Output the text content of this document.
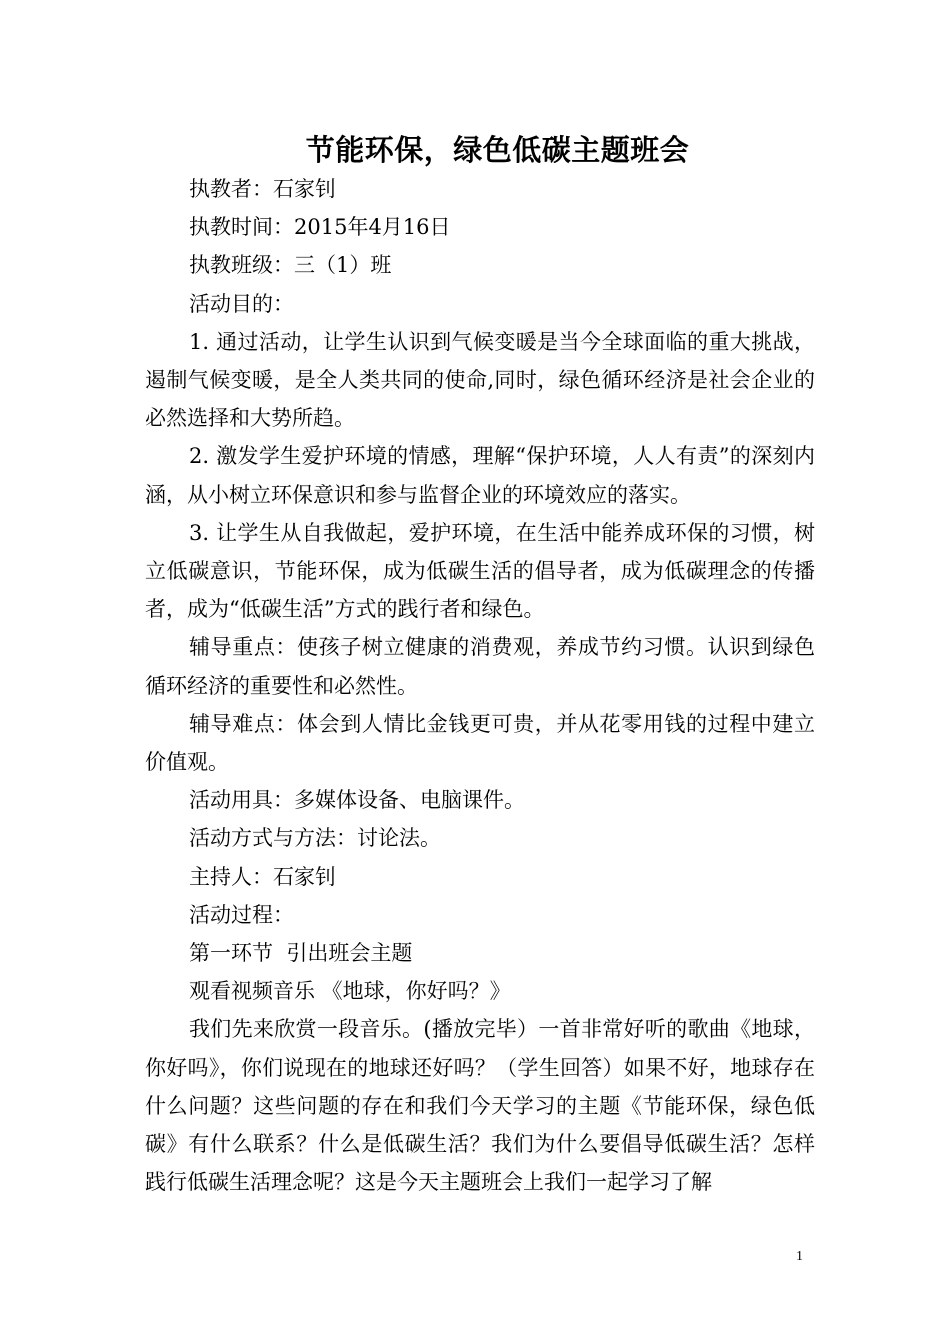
节能环保，绿色低碳主题班会

执教者：石家钊

执教时间：2015年4月16日

执教班级：三（1）班

活动目的：

1. 通过活动，让学生认识到气候变暖是当今全球面临的重大挑战，遏制气候变暖，是全人类共同的使命,同时，绿色循环经济是社会企业的必然选择和大势所趋。

2. 激发学生爱护环境的情感，理解“保护环境，人人有责”的深刻内涵，从小树立环保意识和参与监督企业的环境效应的落实。

3. 让学生从自我做起，爱护环境，在生活中能养成环保的习惯，树立低碳意识，节能环保，成为低碳生活的倡导者，成为低碳理念的传播者，成为“低碳生活”方式的践行者和绿色。

辅导重点：使孩子树立健康的消费观，养成节约习惯。认识到绿色循环经济的重要性和必然性。

辅导难点：体会到人情比金钱更可贵，并从花零用钱的过程中建立价值观。

活动用具：多媒体设备、电脑课件。

活动方式与方法：讨论法。

主持人：石家钊

活动过程：

第一环节  引出班会主题

观看视频音乐 《地球，你好吗？》

我们先来欣赏一段音乐。(播放完毕）一首非常好听的歌曲《地球，你好吗》，你们说现在的地球还好吗？（学生回答）如果不好，地球存在什么问题？这些问题的存在和我们今天学习的主题《节能环保，绿色低碳》有什么联系？什么是低碳生活？我们为什么要倡导低碳生活？怎样践行低碳生活理念呢？这是今天主题班会上我们一起学习了解

1
